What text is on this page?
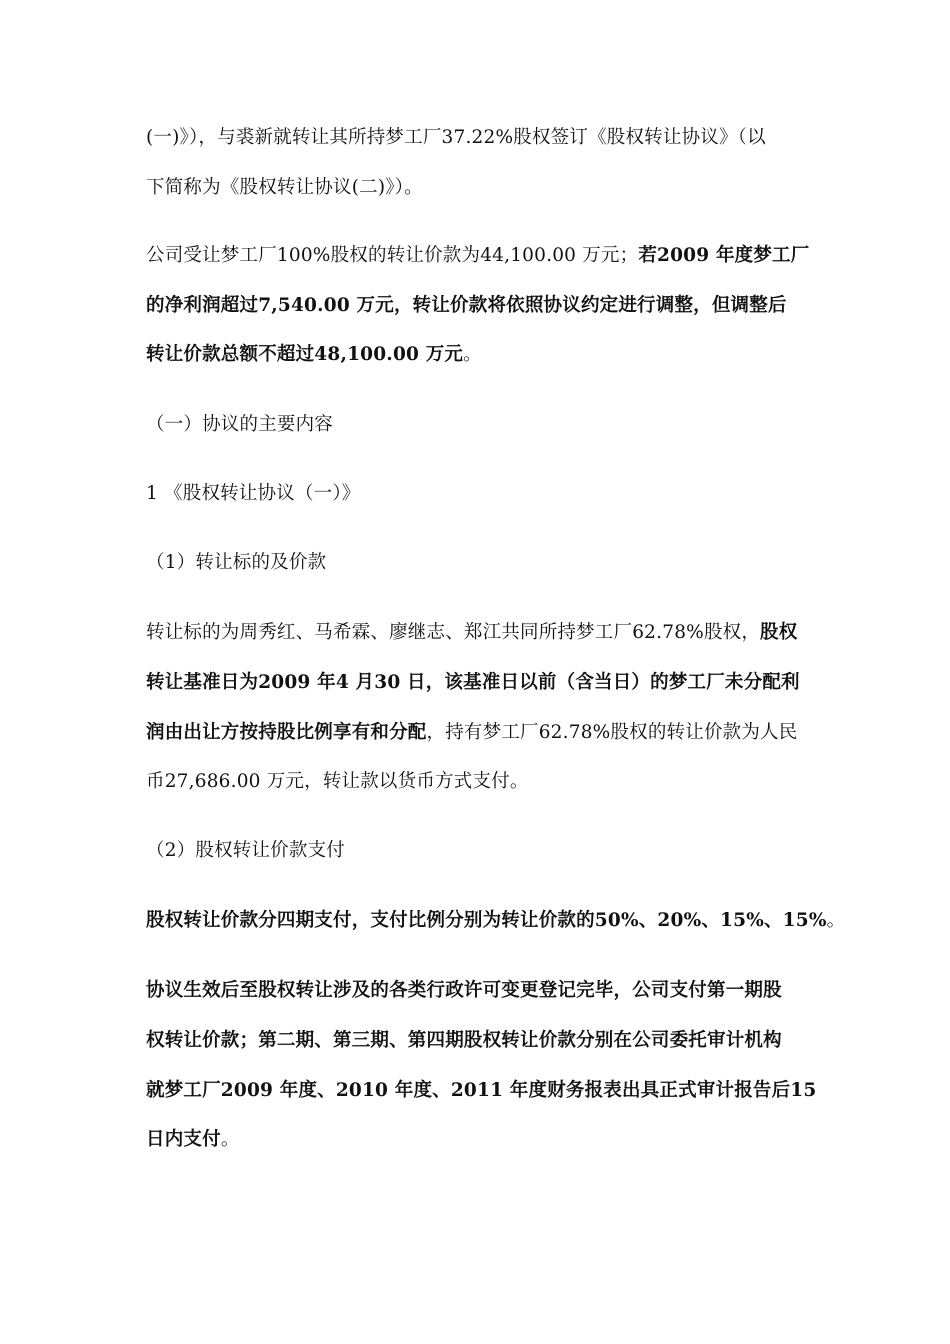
(一)》），与裘新就转让其所持梦工厂37.22%股权签订《股权转让协议》（以
下简称为《股权转让协议(二)》）。
公司受让梦工厂100%股权的转让价款为44,100.00 万元；若2009 年度梦工厂
的净利润超过7,540.00 万元，转让价款将依照协议约定进行调整，但调整后
转让价款总额不超过48,100.00 万元。
（一）协议的主要内容
1 《股权转让协议（一）》
（1）转让标的及价款
转让标的为周秀红、马希霖、廖继志、郑江共同所持梦工厂62.78%股权，股权
转让基准日为2009 年4 月30 日，该基准日以前（含当日）的梦工厂未分配利
润由出让方按持股比例享有和分配，持有梦工厂62.78%股权的转让价款为人民
币27,686.00 万元，转让款以货币方式支付。
（2）股权转让价款支付
股权转让价款分四期支付，支付比例分别为转让价款的50%、20%、15%、15%。
协议生效后至股权转让涉及的各类行政许可变更登记完毕，公司支付第一期股
权转让价款；第二期、第三期、第四期股权转让价款分别在公司委托审计机构
就梦工厂2009 年度、2010 年度、2011 年度财务报表出具正式审计报告后15
日内支付。
